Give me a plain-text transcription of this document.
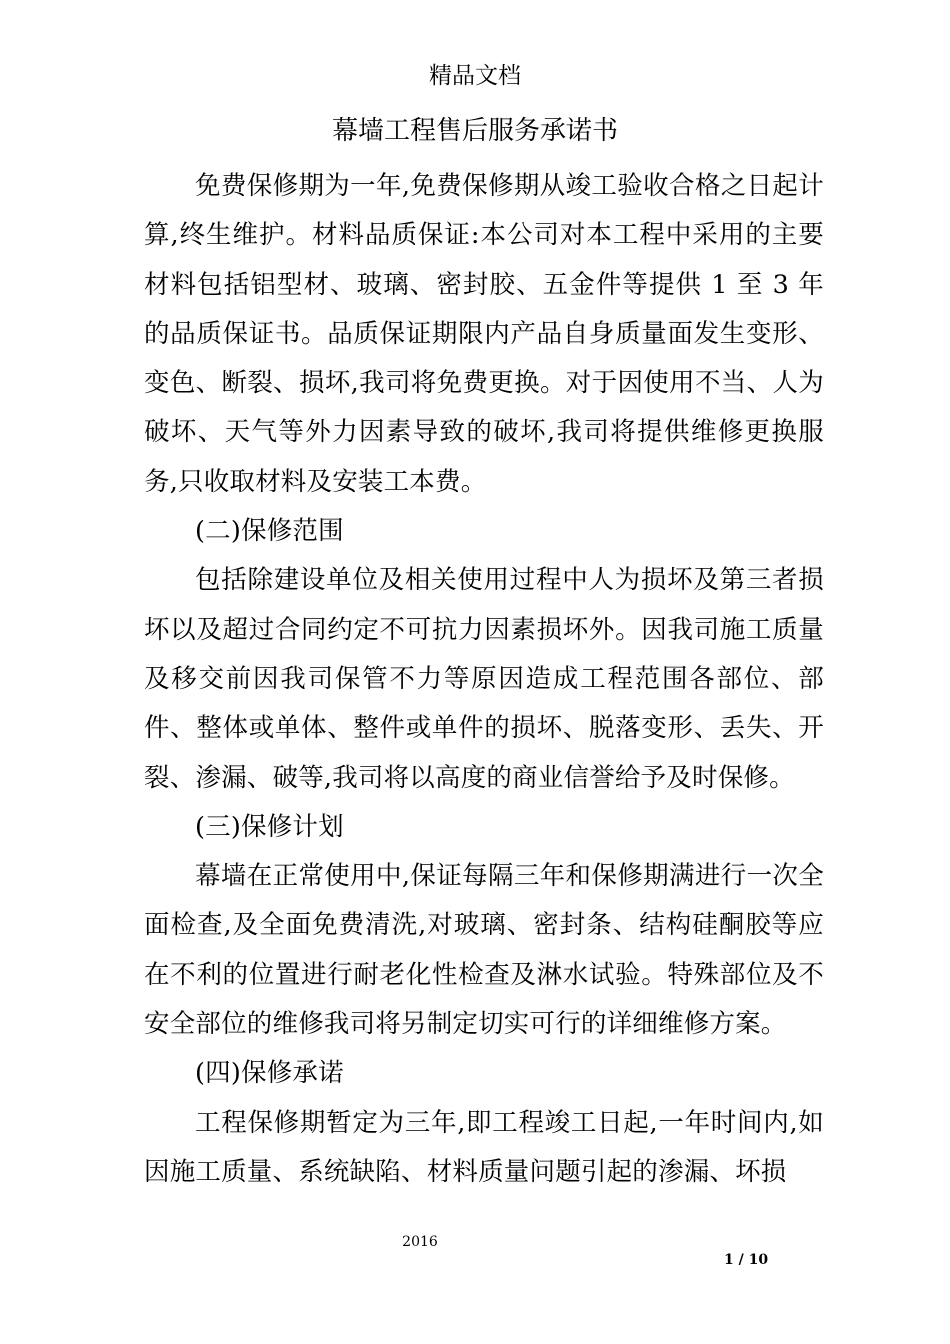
精品文档
幕墙工程售后服务承诺书

免费保修期为一年,免费保修期从竣工验收合格之日起计算,终生维护。材料品质保证:本公司对本工程中采用的主要材料包括铝型材、玻璃、密封胶、五金件等提供 1 至 3 年的品质保证书。品质保证期限内产品自身质量面发生变形、变色、断裂、损坏,我司将免费更换。对于因使用不当、人为破坏、天气等外力因素导致的破坏,我司将提供维修更换服务,只收取材料及安装工本费。

(二)保修范围

包括除建设单位及相关使用过程中人为损坏及第三者损坏以及超过合同约定不可抗力因素损坏外。因我司施工质量及移交前因我司保管不力等原因造成工程范围各部位、部件、整体或单体、整件或单件的损坏、脱落变形、丢失、开裂、渗漏、破等,我司将以高度的商业信誉给予及时保修。

(三)保修计划

幕墙在正常使用中,保证每隔三年和保修期满进行一次全面检查,及全面免费清洗,对玻璃、密封条、结构硅酮胶等应在不利的位置进行耐老化性检查及淋水试验。特殊部位及不安全部位的维修我司将另制定切实可行的详细维修方案。

(四)保修承诺

工程保修期暂定为三年,即工程竣工日起,一年时间内,如因施工质量、系统缺陷、材料质量问题引起的渗漏、坏损

2016
1 / 10
